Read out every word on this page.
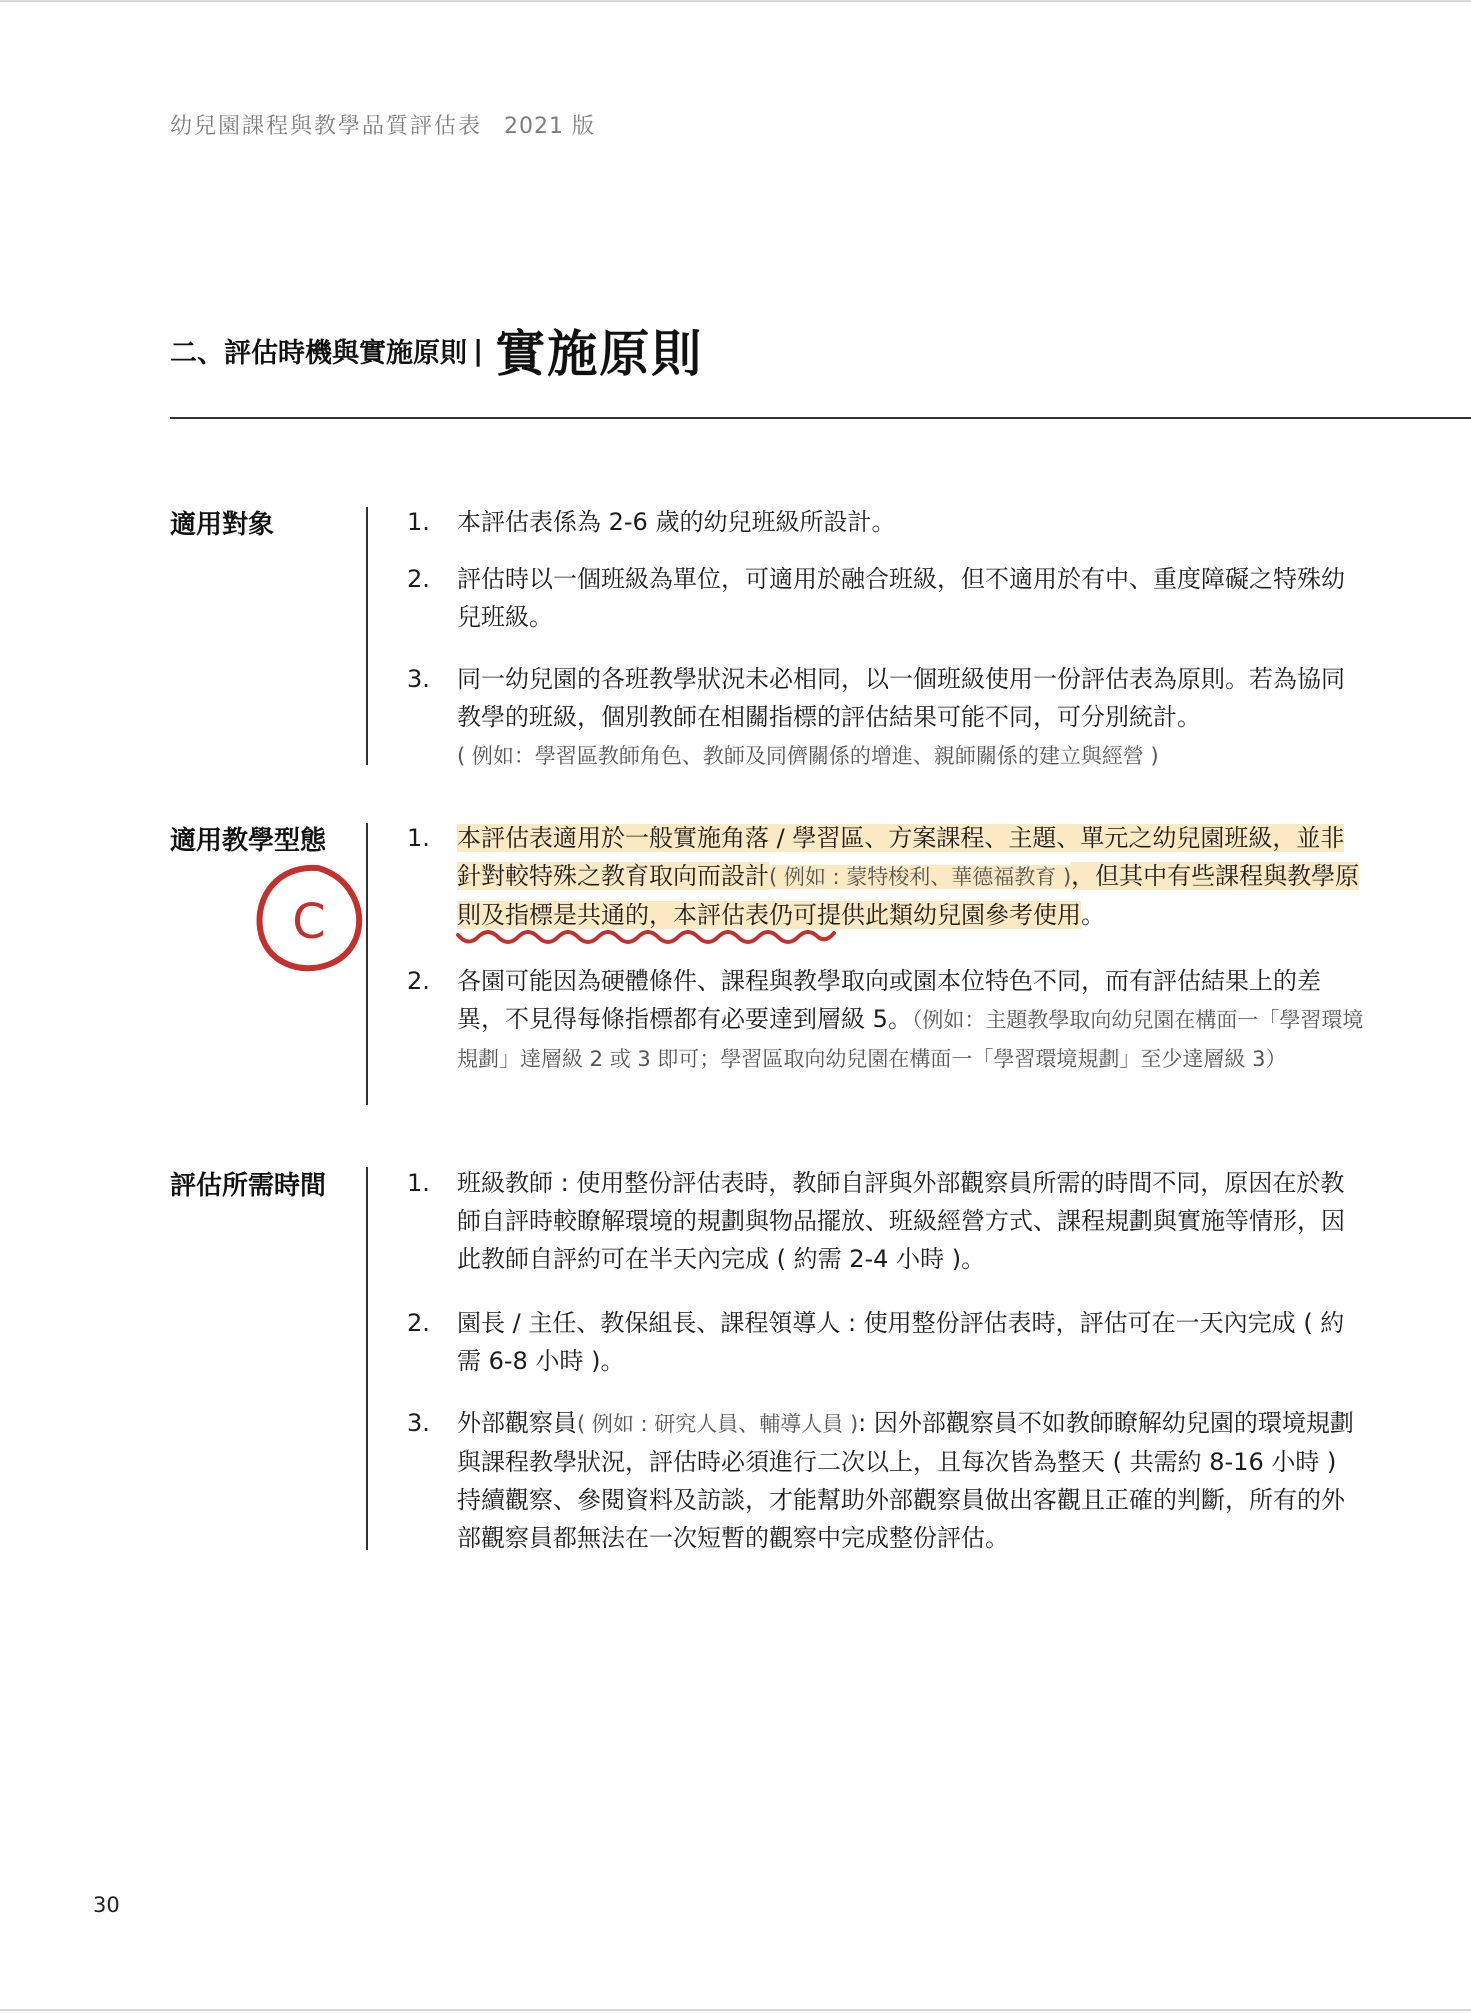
幼兒園課程與教學品質評估表 2021 版
二、評估時機與實施原則 | 實施原則
適用對象	1.	本評估表係為 2-6 歲的幼兒班級所設計。
2.	評估時以一個班級為單位，可適用於融合班級，但不適用於有中、重度障礙之特殊幼兒班級。
3.	同一幼兒園的各班教學狀況未必相同，以一個班級使用一份評估表為原則。若為協同教學的班級，個別教師在相關指標的評估結果可能不同，可分別統計。
( 例如：學習區教師角色、教師及同儕關係的增進、親師關係的建立與經營 )
適用教學型態	1.	本評估表適用於一般實施角落 / 學習區、方案課程、主題、單元之幼兒園班級，並非針對較特殊之教育取向而設計( 例如 : 蒙特梭利、華德福教育 )，但其中有些課程與教學原則及指標是共通的，本評估表仍可提供此類幼兒園參考使用。
2.	各園可能因為硬體條件、課程與教學取向或園本位特色不同，而有評估結果上的差異，不見得每條指標都有必要達到層級 5。（例如：主題教學取向幼兒園在構面一「學習環境規劃」達層級 2 或 3 即可；學習區取向幼兒園在構面一「學習環境規劃」至少達層級 3）
評估所需時間	1.	班級教師 : 使用整份評估表時，教師自評與外部觀察員所需的時間不同，原因在於教師自評時較瞭解環境的規劃與物品擺放、班級經營方式、課程規劃與實施等情形，因此教師自評約可在半天內完成 ( 約需 2-4 小時 )。
2.	園長 / 主任、教保組長、課程領導人 : 使用整份評估表時，評估可在一天內完成 ( 約需 6-8 小時 )。
3.	外部觀察員( 例如 : 研究人員、輔導人員 ): 因外部觀察員不如教師瞭解幼兒園的環境規劃與課程教學狀況，評估時必須進行二次以上，且每次皆為整天 ( 共需約 8-16 小時 ) 持續觀察、參閱資料及訪談，才能幫助外部觀察員做出客觀且正確的判斷，所有的外部觀察員都無法在一次短暫的觀察中完成整份評估。
C
30
